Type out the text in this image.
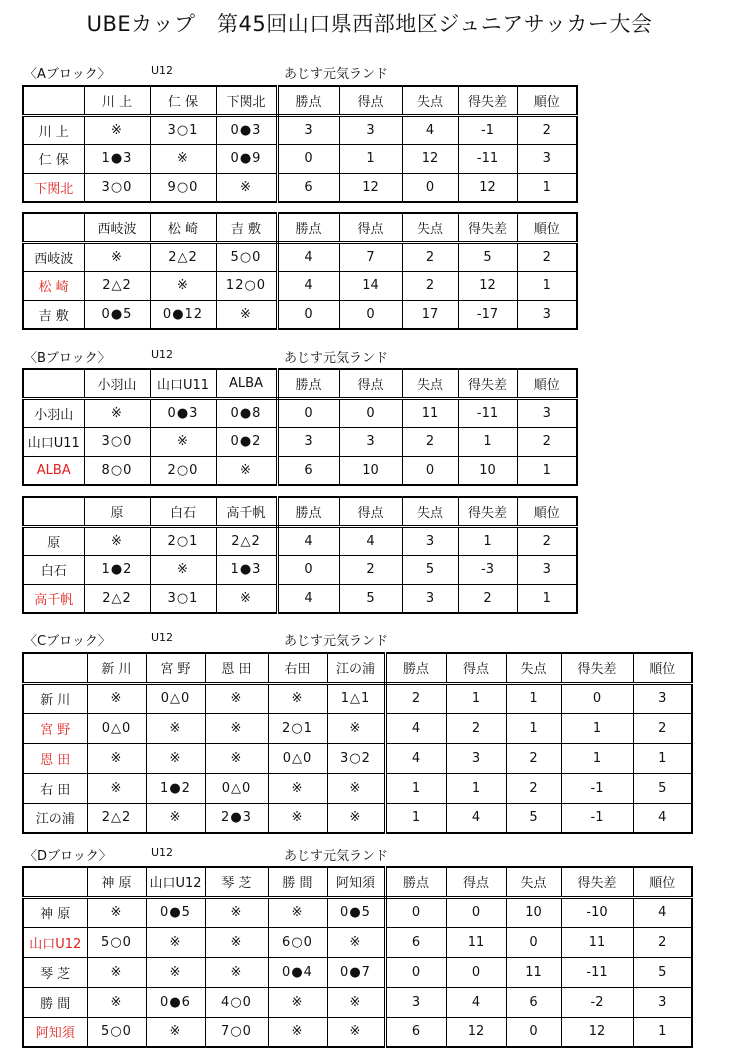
UBEカップ　第45回山口県西部地区ジュニアサッカー大会
〈Aブロック〉	U12	あじす元気ランド
	川 上	仁 保	下関北	勝点	得点	失点	得失差	順位
川 上	※	3○1	0●3	3	3	4	-1	2
仁 保	1●3	※	0●9	0	1	12	-11	3
下関北	3○0	9○0	※	6	12	0	12	1
	西岐波	松 崎	吉 敷	勝点	得点	失点	得失差	順位
西岐波	※	2△2	5○0	4	7	2	5	2
松 崎	2△2	※	12○0	4	14	2	12	1
吉 敷	0●5	0●12	※	0	0	17	-17	3
〈Bブロック〉	U12	あじす元気ランド
	小羽山	山口U11	ALBA	勝点	得点	失点	得失差	順位
小羽山	※	0●3	0●8	0	0	11	-11	3
山口U11	3○0	※	0●2	3	3	2	1	2
ALBA	8○0	2○0	※	6	10	0	10	1
	原	白石	高千帆	勝点	得点	失点	得失差	順位
原	※	2○1	2△2	4	4	3	1	2
白石	1●2	※	1●3	0	2	5	-3	3
高千帆	2△2	3○1	※	4	5	3	2	1
〈Cブロック〉	U12	あじす元気ランド
	新 川	宮 野	恩 田	右田	江の浦	勝点	得点	失点	得失差	順位
新 川	※	0△0	※	※	1△1	2	1	1	0	3
宮 野	0△0	※	※	2○1	※	4	2	1	1	2
恩 田	※	※	※	0△0	3○2	4	3	2	1	1
右 田	※	1●2	0△0	※	※	1	1	2	-1	5
江の浦	2△2	※	2●3	※	※	1	4	5	-1	4
〈Dブロック〉	U12	あじす元気ランド
	神 原	山口U12	琴 芝	勝 間	阿知須	勝点	得点	失点	得失差	順位
神 原	※	0●5	※	※	0●5	0	0	10	-10	4
山口U12	5○0	※	※	6○0	※	6	11	0	11	2
琴 芝	※	※	※	0●4	0●7	0	0	11	-11	5
勝 間	※	0●6	4○0	※	※	3	4	6	-2	3
阿知須	5○0	※	7○0	※	※	6	12	0	12	1
